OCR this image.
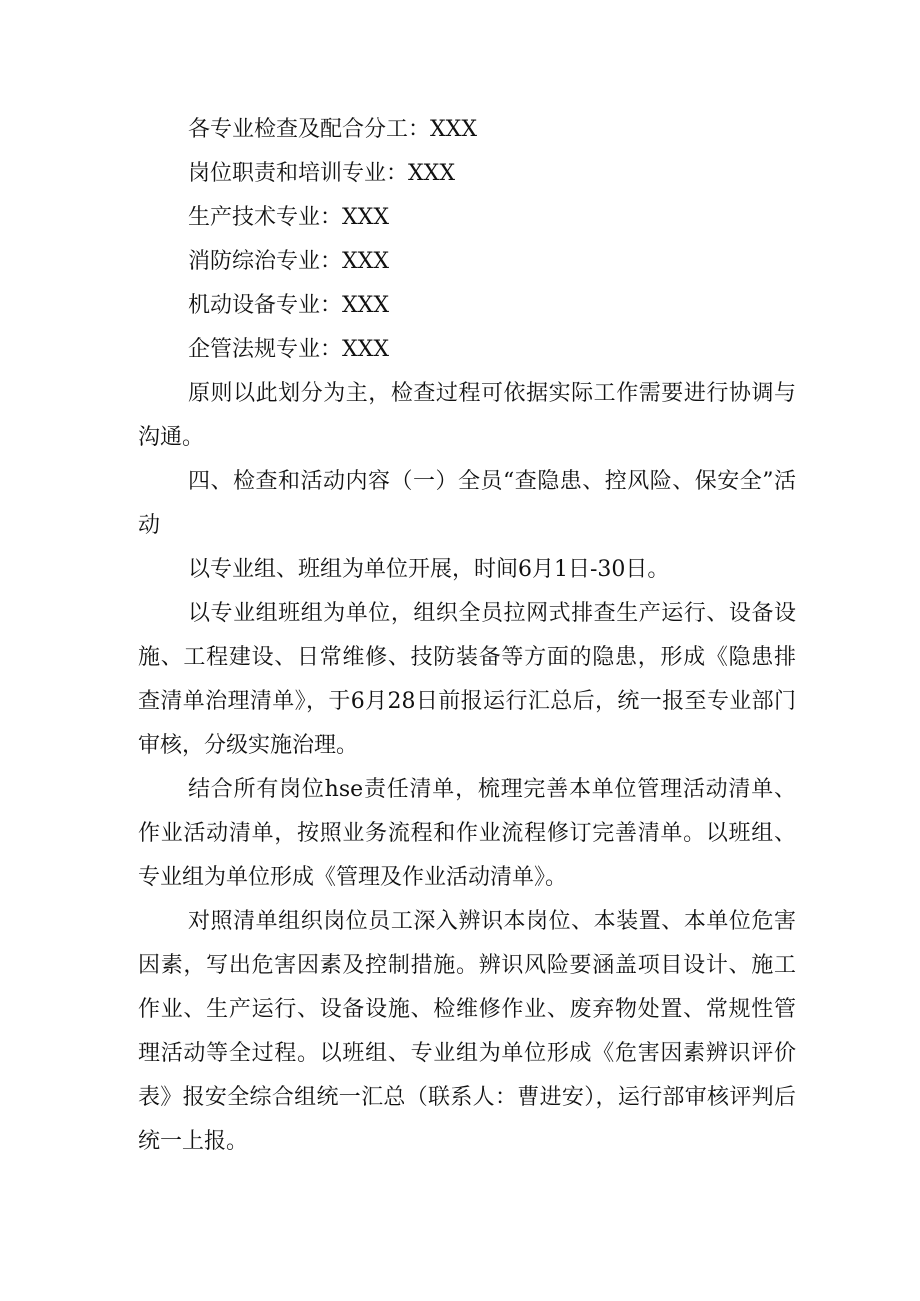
各专业检查及配合分工：XXX
岗位职责和培训专业：XXX
生产技术专业：XXX
消防综治专业：XXX
机动设备专业：XXX
企管法规专业：XXX

原则以此划分为主，检查过程可依据实际工作需要进行协调与沟通。

四、检查和活动内容（一）全员“查隐患、控风险、保安全”活动

以专业组、班组为单位开展，时间6月1日-30日。

以专业组班组为单位，组织全员拉网式排查生产运行、设备设施、工程建设、日常维修、技防装备等方面的隐患，形成《隐患排查清单治理清单》，于6月28日前报运行汇总后，统一报至专业部门审核，分级实施治理。

结合所有岗位hse责任清单，梳理完善本单位管理活动清单、作业活动清单，按照业务流程和作业流程修订完善清单。以班组、专业组为单位形成《管理及作业活动清单》。

对照清单组织岗位员工深入辨识本岗位、本装置、本单位危害因素，写出危害因素及控制措施。辨识风险要涵盖项目设计、施工作业、生产运行、设备设施、检维修作业、废弃物处置、常规性管理活动等全过程。以班组、专业组为单位形成《危害因素辨识评价表》报安全综合组统一汇总（联系人：曹进安），运行部审核评判后统一上报。
